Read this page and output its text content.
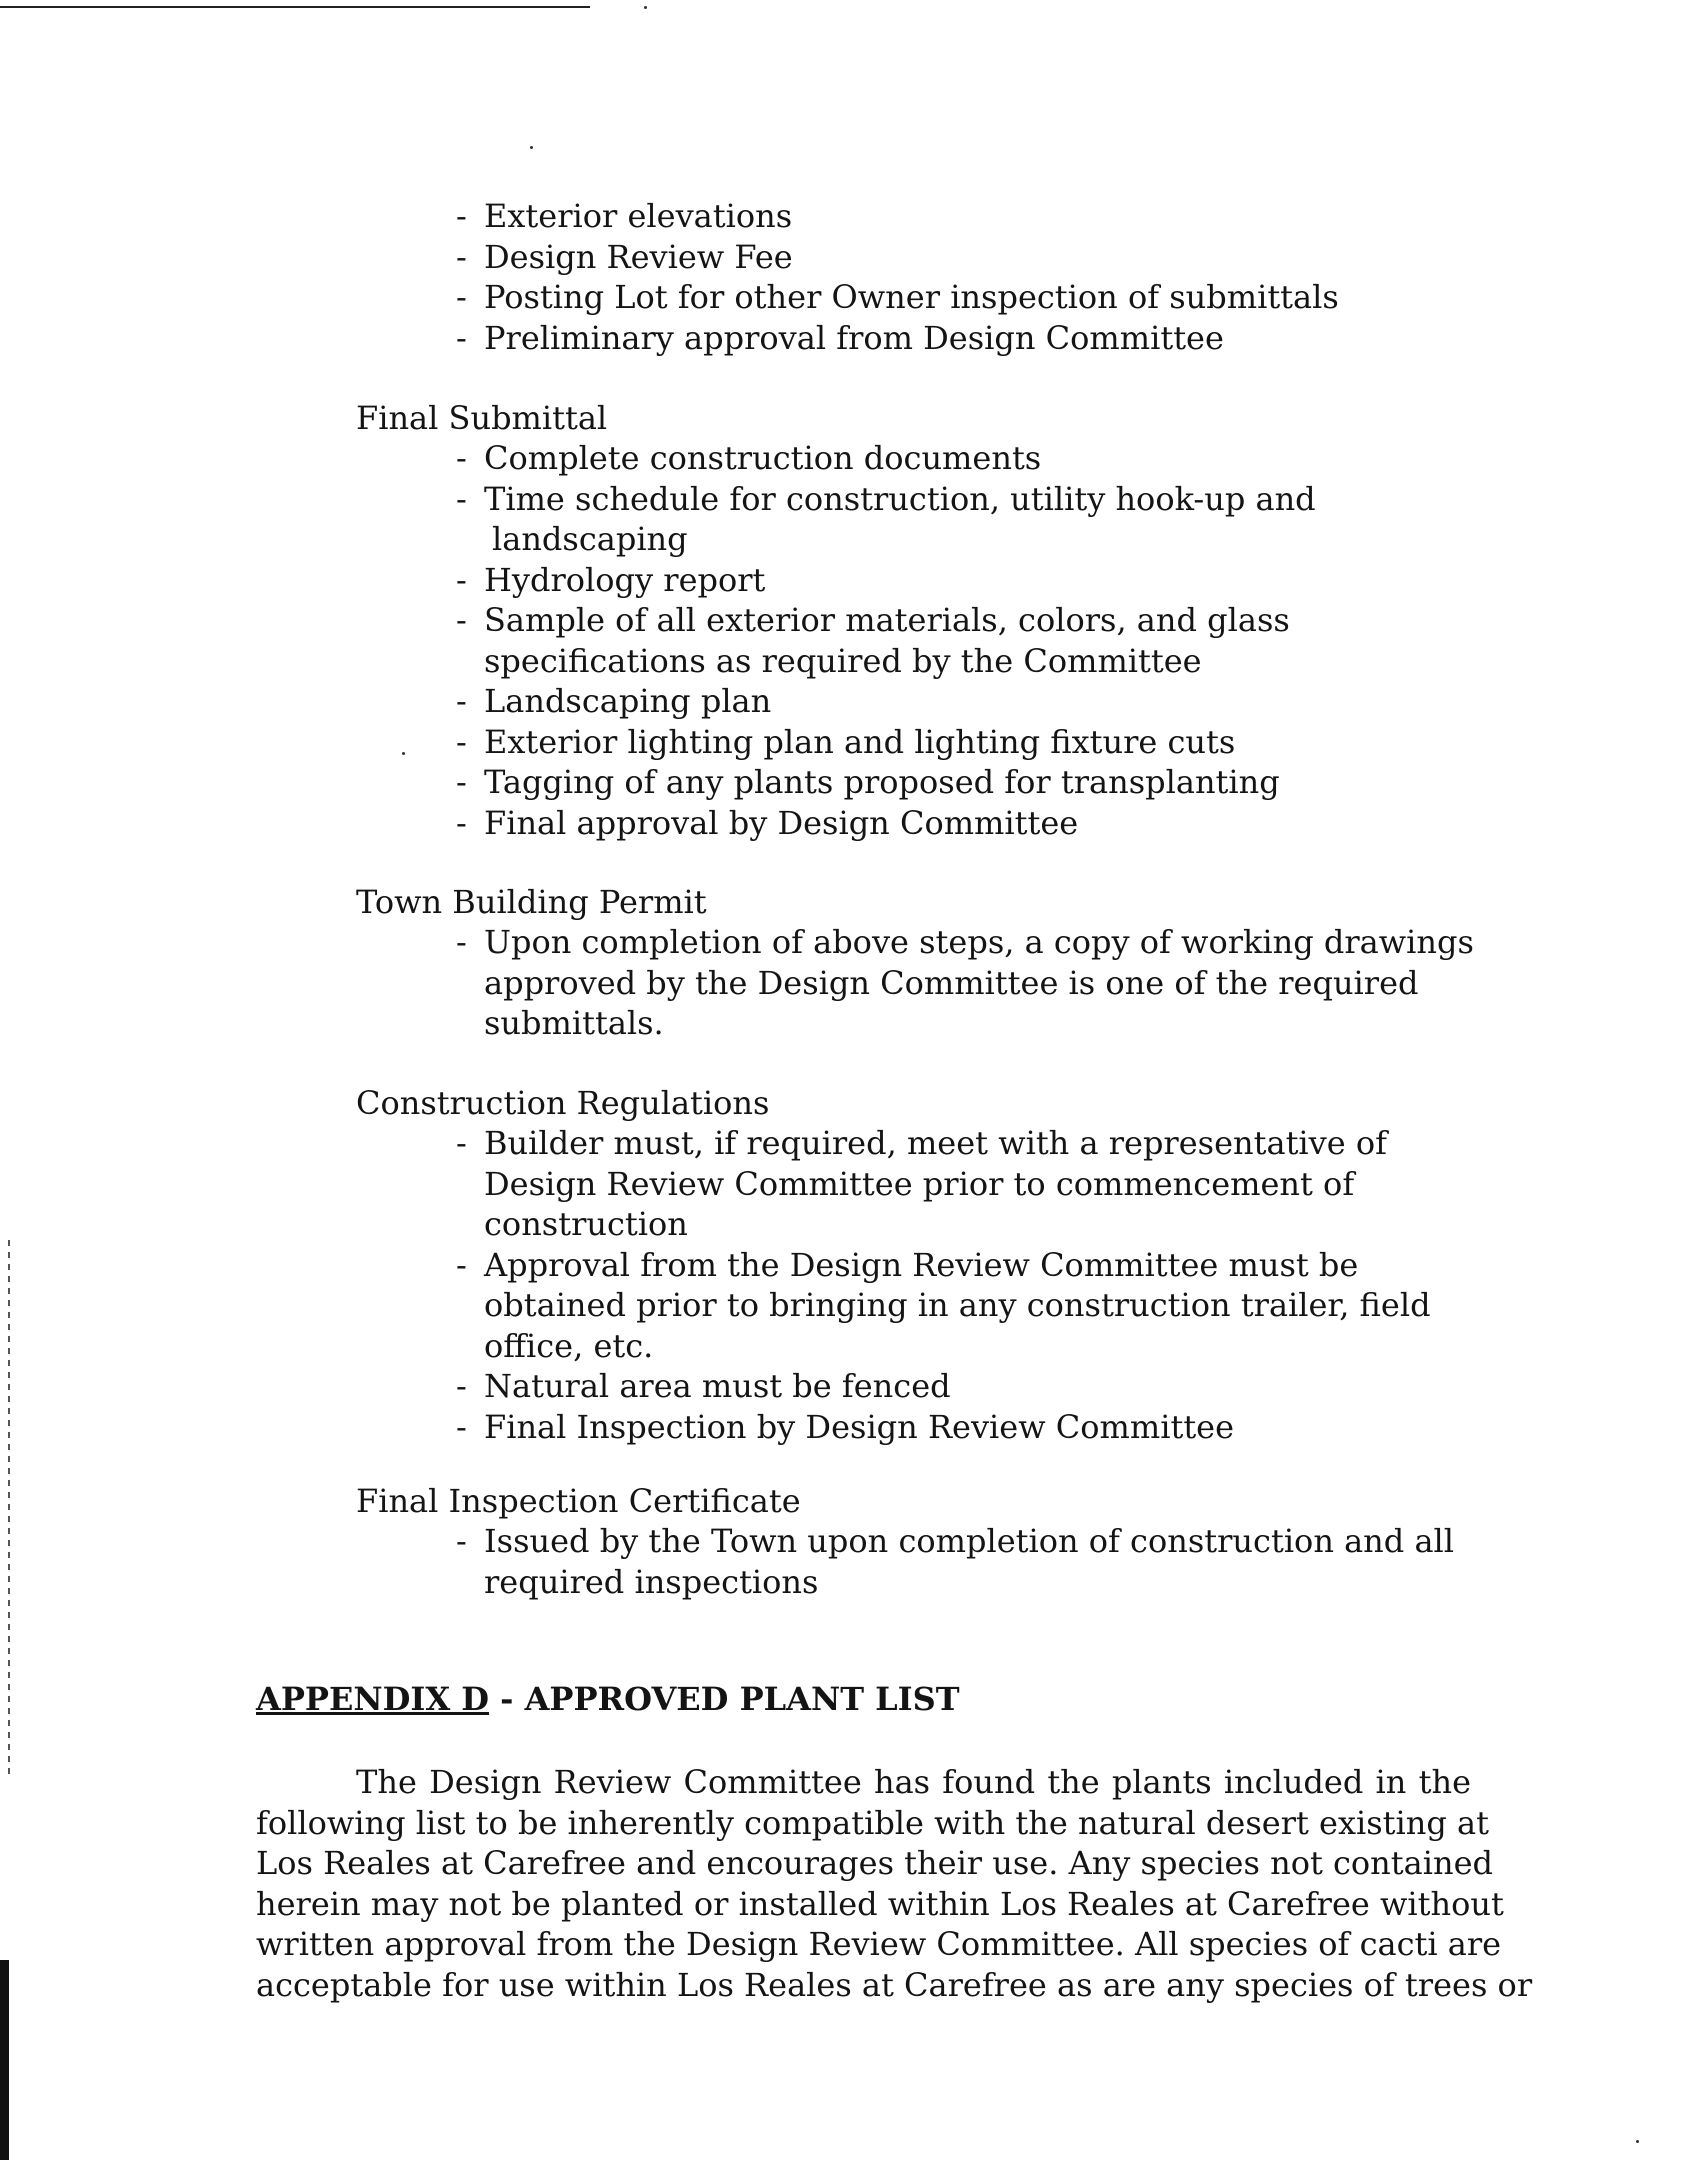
- Exterior elevations
- Design Review Fee
- Posting Lot for other Owner inspection of submittals
- Preliminary approval from Design Committee
Final Submittal
- Complete construction documents
- Time schedule for construction, utility hook-up and
landscaping
- Hydrology report
- Sample of all exterior materials, colors, and glass
specifications as required by the Committee
- Landscaping plan
- Exterior lighting plan and lighting fixture cuts
- Tagging of any plants proposed for transplanting
- Final approval by Design Committee
Town Building Permit
- Upon completion of above steps, a copy of working drawings
approved by the Design Committee is one of the required
submittals.
Construction Regulations
- Builder must, if required, meet with a representative of
Design Review Committee prior to commencement of
construction
- Approval from the Design Review Committee must be
obtained prior to bringing in any construction trailer, field
office, etc.
- Natural area must be fenced
- Final Inspection by Design Review Committee
Final Inspection Certificate
- Issued by the Town upon completion of construction and all
required inspections
APPENDIX D - APPROVED PLANT LIST
The Design Review Committee has found the plants included in the
following list to be inherently compatible with the natural desert existing at
Los Reales at Carefree and encourages their use. Any species not contained
herein may not be planted or installed within Los Reales at Carefree without
written approval from the Design Review Committee. All species of cacti are
acceptable for use within Los Reales at Carefree as are any species of trees or
